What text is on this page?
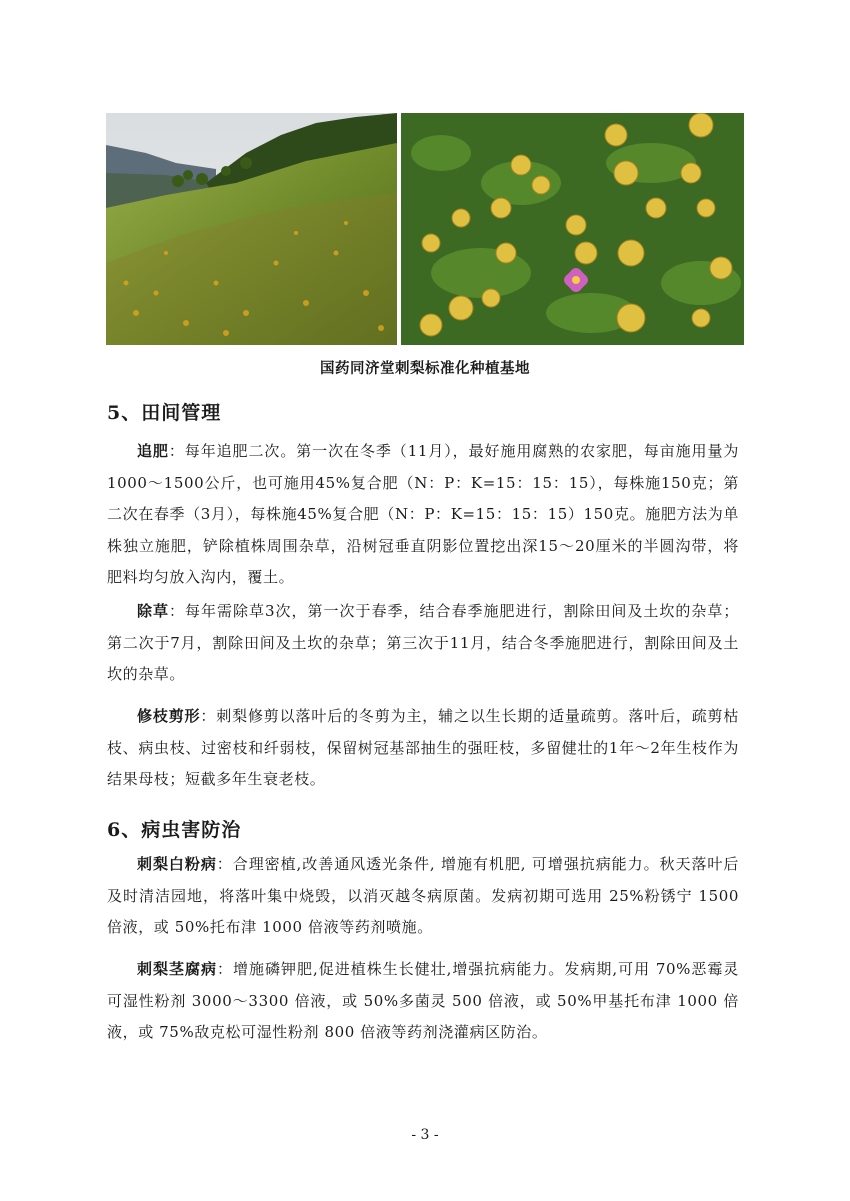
国药同济堂刺梨标准化种植基地
5、田间管理
追肥：每年追肥二次。第一次在冬季（11月），最好施用腐熟的农家肥，每亩施用量为1000～1500公斤，也可施用45%复合肥（N：P：K=15：15：15），每株施150克；第二次在春季（3月），每株施45%复合肥（N：P：K=15：15：15）150克。施肥方法为单株独立施肥，铲除植株周围杂草，沿树冠垂直阴影位置挖出深15～20厘米的半圆沟带，将肥料均匀放入沟内，覆土。
除草：每年需除草3次，第一次于春季，结合春季施肥进行，割除田间及土坎的杂草；第二次于7月，割除田间及土坎的杂草；第三次于11月，结合冬季施肥进行，割除田间及土坎的杂草。
修枝剪形：刺梨修剪以落叶后的冬剪为主，辅之以生长期的适量疏剪。落叶后，疏剪枯枝、病虫枝、过密枝和纤弱枝，保留树冠基部抽生的强旺枝，多留健壮的1年～2年生枝作为结果母枝；短截多年生衰老枝。
6、病虫害防治
刺梨白粉病：合理密植,改善通风透光条件, 增施有机肥, 可增强抗病能力。秋天落叶后及时清洁园地，将落叶集中烧毁，以消灭越冬病原菌。发病初期可选用 25%粉锈宁 1500 倍液，或 50%托布津 1000 倍液等药剂喷施。
刺梨茎腐病：增施磷钾肥,促进植株生长健壮,增强抗病能力。发病期,可用 70%恶霉灵可湿性粉剂 3000～3300 倍液，或 50%多菌灵 500 倍液，或 50%甲基托布津 1000 倍液，或 75%敌克松可湿性粉剂 800 倍液等药剂浇灌病区防治。
- 3 -
